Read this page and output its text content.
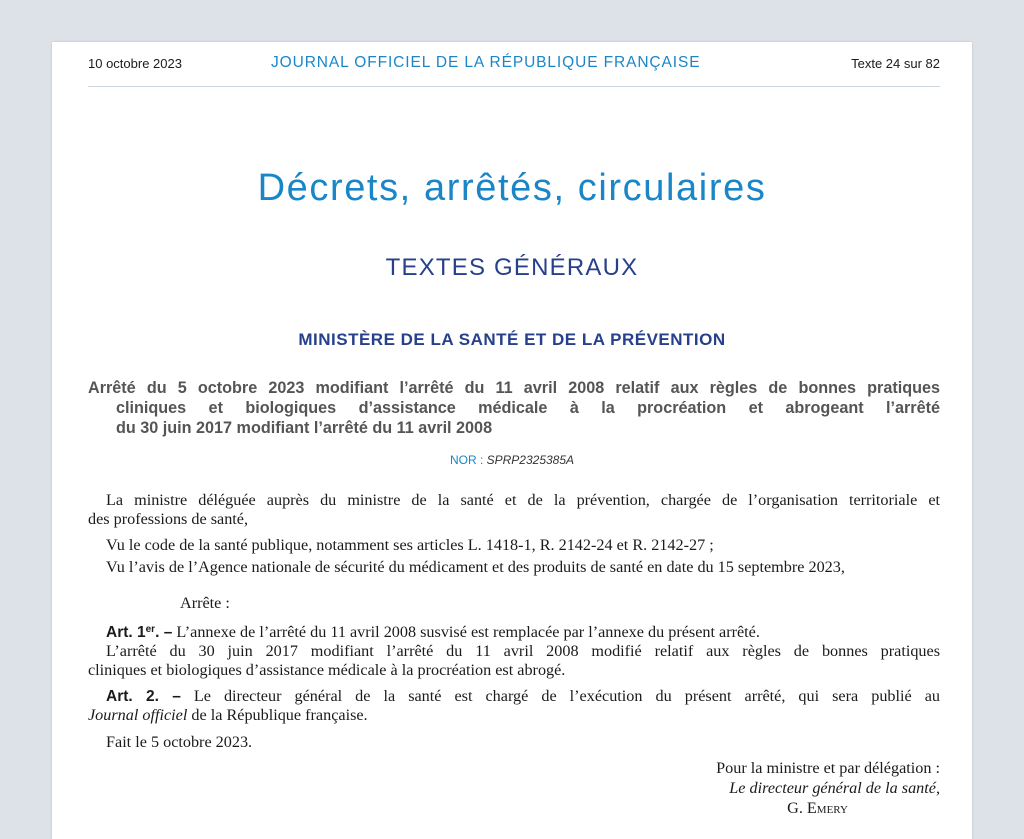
10 octobre 2023	JOURNAL OFFICIEL DE LA RÉPUBLIQUE FRANÇAISE	Texte 24 sur 82
Décrets, arrêtés, circulaires
TEXTES GÉNÉRAUX
MINISTÈRE DE LA SANTÉ ET DE LA PRÉVENTION
Arrêté du 5 octobre 2023 modifiant l’arrêté du 11 avril 2008 relatif aux règles de bonnes pratiques
cliniques et biologiques d’assistance médicale à la procréation et abrogeant l’arrêté
du 30 juin 2017 modifiant l’arrêté du 11 avril 2008
NOR : SPRP2325385A

La ministre déléguée auprès du ministre de la santé et de la prévention, chargée de l’organisation territoriale et
des professions de santé,

Vu le code de la santé publique, notamment ses articles L. 1418-1, R. 2142-24 et R. 2142-27 ;

Vu l’avis de l’Agence nationale de sécurité du médicament et des produits de santé en date du 15 septembre 2023,

Arrête :

Art. 1er. – L’annexe de l’arrêté du 11 avril 2008 susvisé est remplacée par l’annexe du présent arrêté.

L’arrêté du 30 juin 2017 modifiant l’arrêté du 11 avril 2008 modifié relatif aux règles de bonnes pratiques
cliniques et biologiques d’assistance médicale à la procréation est abrogé.

Art. 2. – Le directeur général de la santé est chargé de l’exécution du présent arrêté, qui sera publié au
Journal officiel de la République française.

Fait le 5 octobre 2023.
Pour la ministre et par délégation :
Le directeur général de la santé,
G. Emery
